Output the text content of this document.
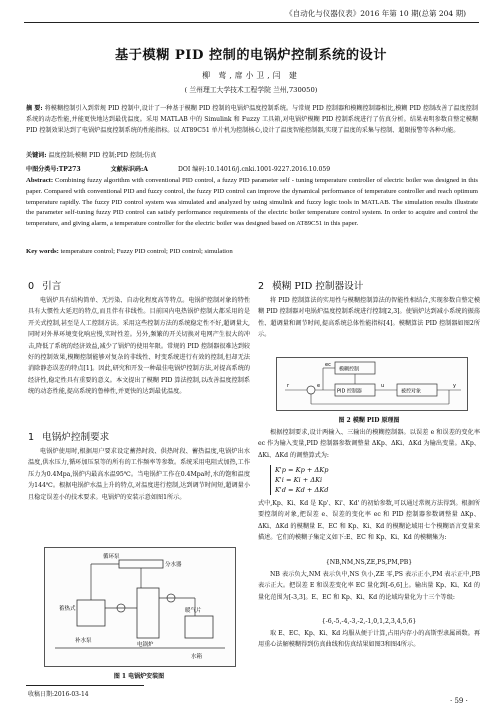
《自动化与仪器仪表》2016 年第 10 期(总第 204 期)
基于模糊 PID 控制的电锅炉控制系统的设计
柳 莺,席小卫,闫 建
( 兰州理工大学技术工程学院 兰州,730050)
摘 要: 将模糊控制引入到常规 PID 控制中,设计了一种基于模糊 PID 控制的电锅炉温度控制系统。与常规 PID 控制器和模糊控制器相比,模糊 PID 控制改善了温度控制系统的动态性能,并能更快地达到最优温度。采用 MATLAB 中的 Simulink 和 Fuzzy 工具箱,对电锅炉模糊 PID 控制系统进行了仿真分析。结果表明参数自整定模糊 PID 控制效果达到了电锅炉温度控制系统的性能指标。以 AT89C51 单片机为控制核心,设计了温度智能控制器,实现了温度的采集与控制、超限报警等各种功能。
关键词: 温度控制;模糊 PID 控制;PID 控制;仿真
中图分类号:TP273	文献标识码:A	DOI 编码:10.14016/j.cnki.1001-9227.2016.10.059
Abstract: Combining fuzzy algorithm with conventional PID control, a fuzzy PID parameter self - tuning temperature controller of electric boiler was designed in this paper. Compared with conventional PID and fuzzy control, the fuzzy PID control can improve the dynamical performance of temperature controller and reach optimum temperature rapidly. The fuzzy PID control system was simulated and analyzed by using simulink and fuzzy logic tools in MATLAB. The simulation results illustrate the parameter self-tuning fuzzy PID control can satisfy performance requirements of the electric boiler temperature control system. In order to acquire and control the temperature, and giving alarm, a temperature controller for the electric boiler was designed based on AT89C51 in this paper.
Key words: temperature control; Fuzzy PID control; PID control; simulation
0 引言

电锅炉具有结构简单、无污染、自动化程度高等特点。电锅炉控制对象的特性具有大惯性大延迟的特点,而且伴有非线性。目前国内电热锅炉控制大都采用的是开关式控制,甚至是人工控制方法。采用这些控制方法的系统稳定性不好,超调量大,同时对外界环境变化响应慢,实时性差。另外,频繁的开关切换对电网产生很大的冲击,降低了系统的经济效益,减少了锅炉的使用年限。常规的 PID 控制器很难达到较好的控制效果,模糊控制能够对复杂的非线性、时变系统进行有效的控制,但却无法消除静态误差的特点[1]。因此,研究和开发一种最佳电锅炉控制方法,对提高系统的经济性,稳定性具有重要的意义。本文提出了模糊 PID 算法控制,以改善温度控制系统的动态性能,提高系统的鲁棒性,并更快的达到最优温度。

1 电锅炉控制要求

电锅炉使用时,根据用户要求设定蓄热时段、供热时段、蓄热温度,电锅炉出水温度,供水压力,循环加压泵等的所有的工作频率等参数。系统采用电阻式加热,工作压力为0.4Mpa,锅炉内最高水温95℃。当电锅炉工作在0.4Mpa时,水的饱和温度为144℃。根据电锅炉水温上升的特点,对温度进行控制,达到调节时间短,超调量小且稳定误差小的技术要求。电锅炉的安装示意如图1所示。

循环泵
分水器
蓄热式
电锅炉
暖气片
补水泵
水箱
图 1 电锅炉安装图
收稿日期:2016-03-14
2 模糊 PID 控制器设计

将 PID 控制算法的实用性与模糊控制算法的智能性相结合,实现参数自整定模糊 PID 控制器对电锅炉温度控制系统进行控制[2,3]。使锅炉达到减小系统的振荡性、超调量和调节时间,提高系统总体性能指标[4]。模糊算法 PID 控制器如图2所示。

模糊控制
PID 控制器	被控对象
r	e
ec
u	y
图 2 模糊 PID 原理图

根据控制要求,设计两输入、三输出的模糊控制器。以误差 e 和误差的变化率 ec 作为输入变量,PID 控制器参数调整量 ΔKp、ΔKi、ΔKd 为输出变量。ΔKp、ΔKi、ΔKd 的调整算式为:

K'p = Kp + ΔKp
K'i = Ki + ΔKi
K'd = Kd + ΔKd

式中,Kp、Ki、Kd 是 Kp'、Ki'、Kd' 的初始参数,可以通过常规方法得到。根据所要控制的对象,把误差 e、误差的变化率 ec 和 PID 控制器参数调整量 ΔKp、ΔKi、ΔKd 的模糊量 E、EC 和 Kp、Ki、Kd 的模糊论域用七个模糊语言变量来描述。它们的模糊子集定义如下:E、EC 和 Kp、Ki、Kd 的模糊集为:

{NB,NM,NS,ZE,PS,PM,PB}

NB 表示负大,NM 表示负中,NS 负小,ZE 零,PS 表示正小,PM 表示正中,PB 表示正大。把误差 E 和误差变化率 EC 量化到[-6,6]上。输出量 Kp、Ki、Kd 的量化范围为[-3,3]。E、EC 和 Kp、Ki、Kd 的论域均量化为十三个等级:

{-6,-5,-4,-3,-2,-1,0,1,2,3,4,5,6}

取 E、EC、Kp、Ki、Kd 均服从便于计算,占用内存小的高斯型隶属函数。再用重心法解模糊得到仿真曲线和仿真结果如图3和图4所示。

· 59 ·
